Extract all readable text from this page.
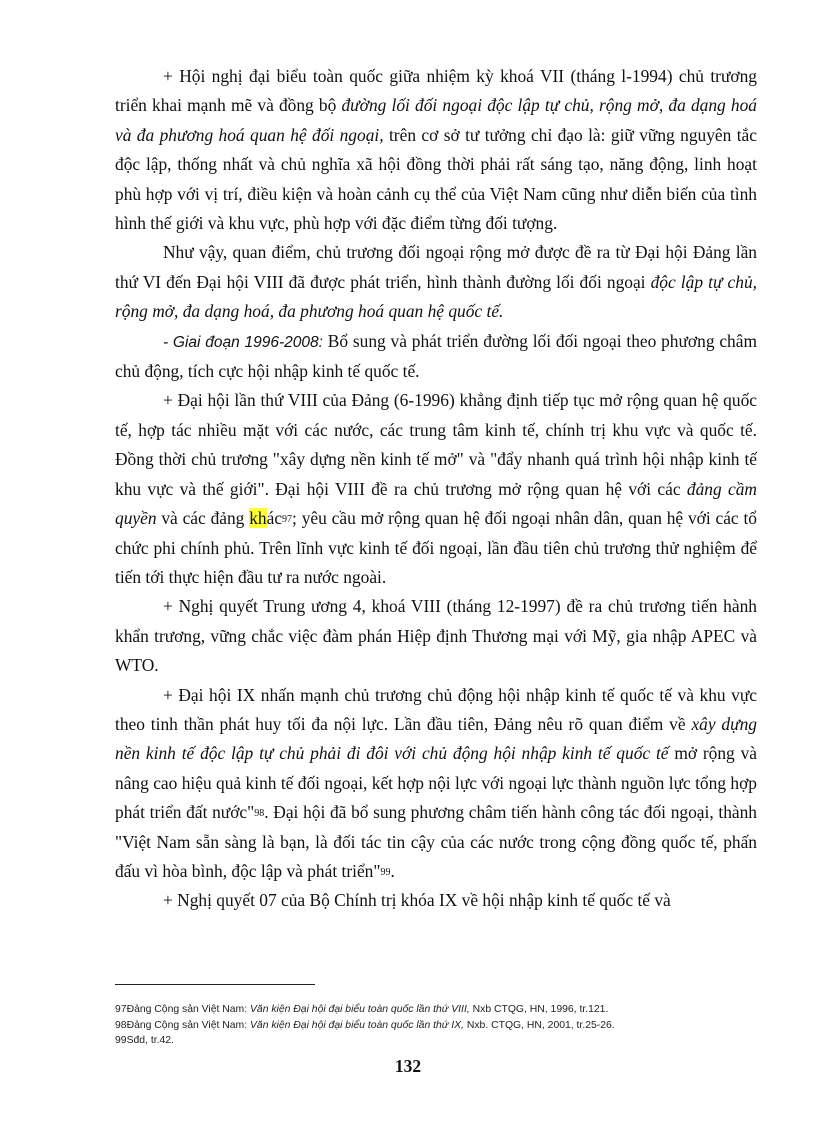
+ Hội nghị đại biểu toàn quốc giữa nhiệm kỳ khoá VII (tháng l-1994) chủ trương triển khai mạnh mẽ và đồng bộ đường lối đối ngoại độc lập tự chủ, rộng mở, đa dạng hoá và đa phương hoá quan hệ đối ngoại, trên cơ sở tư tưởng chỉ đạo là: giữ vững nguyên tắc độc lập, thống nhất và chủ nghĩa xã hội đồng thời phải rất sáng tạo, năng động, linh hoạt phù hợp với vị trí, điều kiện và hoàn cảnh cụ thể của Việt Nam cũng như diễn biến của tình hình thế giới và khu vực, phù hợp với đặc điểm từng đối tượng.

Như vậy, quan điểm, chủ trương đối ngoại rộng mở được đề ra từ Đại hội Đảng lần thứ VI đến Đại hội VIII đã được phát triển, hình thành đường lối đối ngoại độc lập tự chủ, rộng mở, đa dạng hoá, đa phương hoá quan hệ quốc tế.

- Giai đoạn 1996-2008: Bổ sung và phát triển đường lối đối ngoại theo phương châm chủ động, tích cực hội nhập kinh tế quốc tế.

+ Đại hội lần thứ VIII của Đảng (6-1996) khẳng định tiếp tục mở rộng quan hệ quốc tế, hợp tác nhiều mặt với các nước, các trung tâm kinh tế, chính trị khu vực và quốc tế. Đồng thời chủ trương "xây dựng nền kinh tế mở" và "đẩy nhanh quá trình hội nhập kinh tế khu vực và thế giới". Đại hội VIII đề ra chủ trương mở rộng quan hệ với các đảng cầm quyền và các đảng khác$^{97}$; yêu cầu mở rộng quan hệ đối ngoại nhân dân, quan hệ với các tổ chức phi chính phủ. Trên lĩnh vực kinh tế đối ngoại, lần đầu tiên chủ trương thử nghiệm để tiến tới thực hiện đầu tư ra nước ngoài.

+ Nghị quyết Trung ương 4, khoá VIII (tháng 12-1997) đề ra chủ trương tiến hành khẩn trương, vững chắc việc đàm phán Hiệp định Thương mại với Mỹ, gia nhập APEC và WTO.

+ Đại hội IX nhấn mạnh chủ trương chủ động hội nhập kinh tế quốc tế và khu vực theo tinh thần phát huy tối đa nội lực. Lần đầu tiên, Đảng nêu rõ quan điểm về xây dựng nền kinh tế độc lập tự chủ phải đi đôi với chủ động hội nhập kinh tế quốc tế mở rộng và nâng cao hiệu quả kinh tế đối ngoại, kết hợp nội lực với ngoại lực thành nguồn lực tổng hợp phát triển đất nước"$^{98}$. Đại hội đã bổ sung phương châm tiến hành công tác đối ngoại, thành "Việt Nam sẵn sàng là bạn, là đối tác tin cậy của các nước trong cộng đồng quốc tế, phấn đấu vì hòa bình, độc lập và phát triển"$^{99}$.

+ Nghị quyết 07 của Bộ Chính trị khóa IX về hội nhập kinh tế quốc tế và

97Đảng Cộng sản Việt Nam: Văn kiện Đại hội đại biểu toàn quốc lần thứ VIII, Nxb CTQG, HN, 1996, tr.121.

98Đảng Cộng sản Việt Nam: Văn kiện Đại hội đại biểu toàn quốc lần thứ IX, Nxb. CTQG, HN, 2001, tr.25-26.

99Sđd, tr.42.

132
